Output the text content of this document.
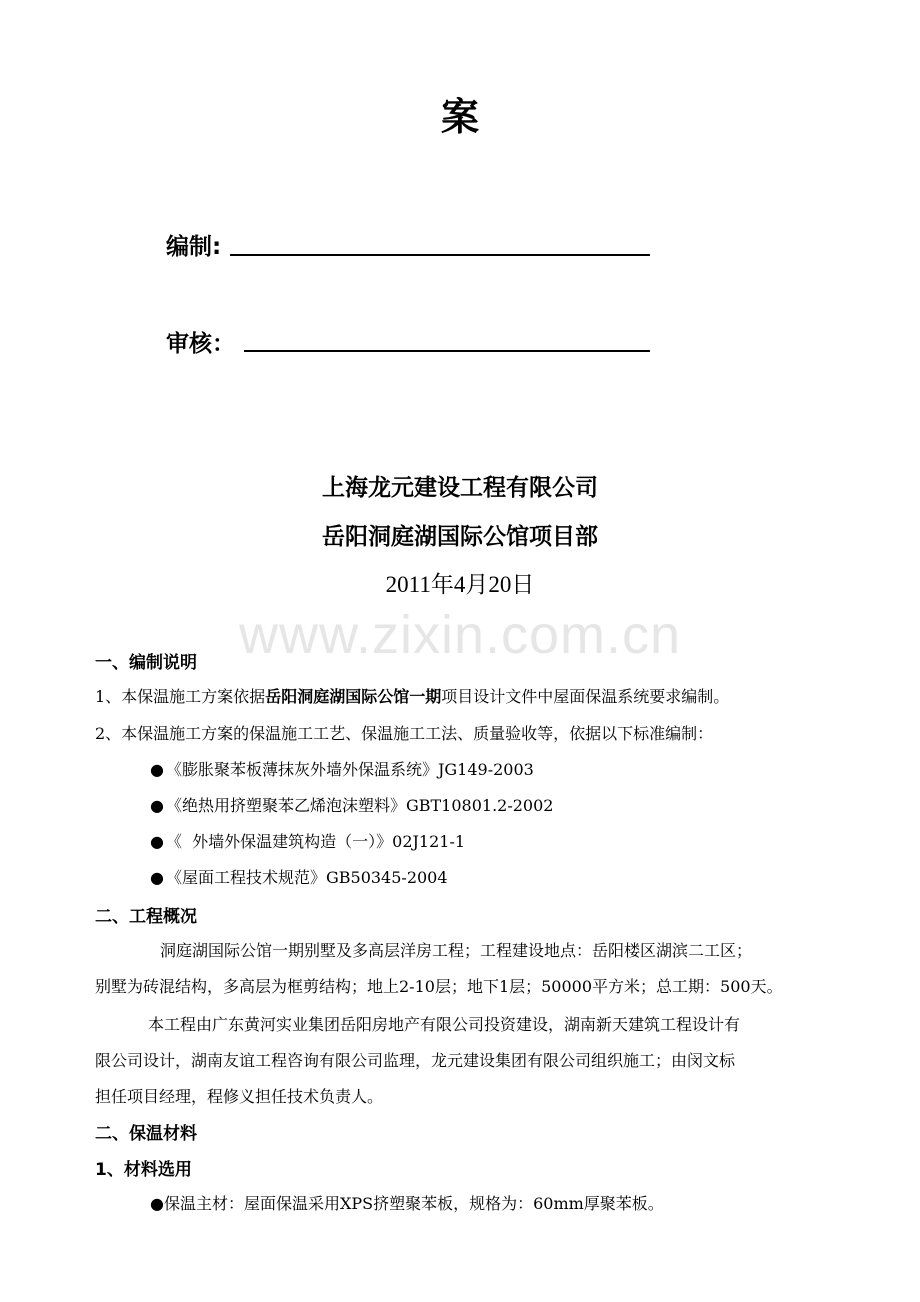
案
编制:
审核：
上海龙元建设工程有限公司
岳阳洞庭湖国际公馆项目部
2011年4月20日
www.zixin.com.cn
一、编制说明
1、本保温施工方案依据岳阳洞庭湖国际公馆一期项目设计文件中屋面保温系统要求编制。
2、本保温施工方案的保温施工工艺、保温施工工法、质量验收等，依据以下标准编制：
● 《膨胀聚苯板薄抹灰外墙外保温系统》JG149-2003
● 《绝热用挤塑聚苯乙烯泡沫塑料》GBT10801.2-2002
● 《  外墙外保温建筑构造（一）》02J121-1
● 《屋面工程技术规范》GB50345-2004
二、工程概况
洞庭湖国际公馆一期别墅及多高层洋房工程；工程建设地点：岳阳楼区湖滨二工区；
别墅为砖混结构，多高层为框剪结构；地上2-10层；地下1层；50000平方米；总工期：500天。
本工程由广东黄河实业集团岳阳房地产有限公司投资建设，湖南新天建筑工程设计有
限公司设计，湖南友谊工程咨询有限公司监理，龙元建设集团有限公司组织施工；由闵文标
担任项目经理，程修义担任技术负责人。
二、保温材料
1、材料选用
●保温主材：屋面保温采用XPS挤塑聚苯板，规格为：60mm厚聚苯板。
